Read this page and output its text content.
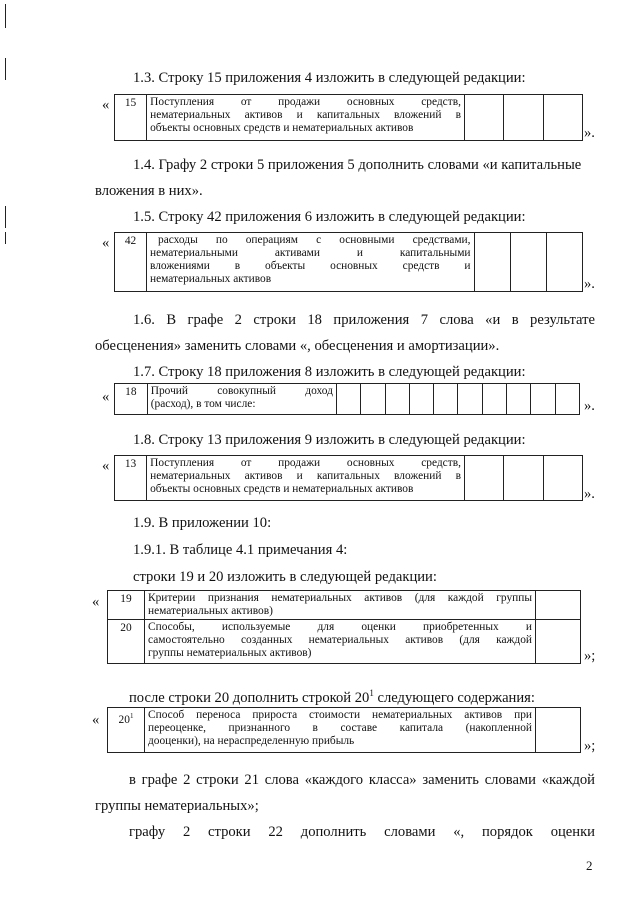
1.3. Строку 15 приложения 4 изложить в следующей редакции:
« 15	Поступления от продажи основных средств,
нематериальных активов и капитальных вложений в
объекты основных средств и нематериальных активов
				».
1.4. Графу 2 строки 5 приложения 5 дополнить словами «и капитальные
вложения в них».
1.5. Строку 42 приложения 6 изложить в следующей редакции:
« 42	расходы по операциям с основными средствами,
нематериальными активами и капитальными
вложениями в объекты основных средств и
нематериальных активов
				».
1.6. В графе 2 строки 18 приложения 7 слова «и в результате
обесценения» заменить словами «, обесценения и амортизации».
1.7. Строку 18 приложения 8 изложить в следующей редакции:
« 18	Прочий совокупный доход
(расход), в том числе:
											».
1.8. Строку 13 приложения 9 изложить в следующей редакции:
« 13	Поступления от продажи основных средств,
нематериальных активов и капитальных вложений в
объекты основных средств и нематериальных активов
				».
1.9. В приложении 10:
1.9.1. В таблице 4.1 примечания 4:
строки 19 и 20 изложить в следующей редакции:
« 19	Критерии признания нематериальных активов (для каждой группы
нематериальных активов)	

20	Способы, используемые для оценки приобретенных и
самостоятельно созданных нематериальных активов (для каждой
группы нематериальных активов)	
		»;
после строки 20 дополнить строкой $20^1$ следующего содержания:
« $20^1$	Способ переноса прироста стоимости нематериальных активов при
переоценке, признанного в составе капитала (накопленной
дооценки), на нераспределенную прибыль
		»;
в графе 2 строки 21 слова «каждого класса» заменить словами «каждой
группы нематериальных»;
графу 2 строки 22 дополнить словами «, порядок оценки
2
